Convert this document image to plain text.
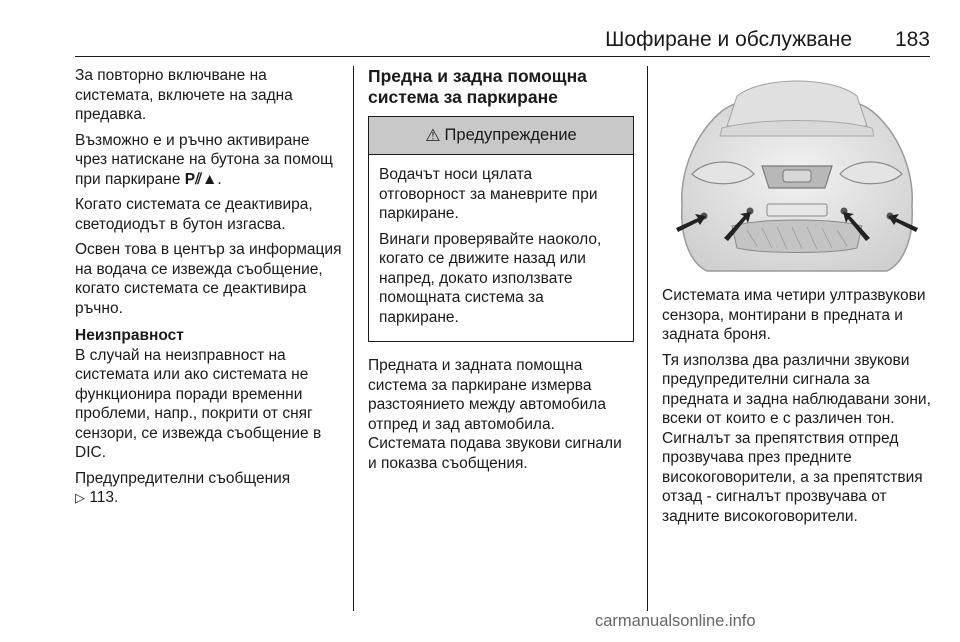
Шофиране и обслужване 183

За повторно включване на системата, включете на задна предавка.

Възможно е и ръчно активиране чрез натискане на бутона за помощ при паркиране P⫽▲.

Когато системата се деактивира, светодиодът в бутон изгасва.

Освен това в център за информация на водача се извежда съобщение, когато системата се деактивира ръчно.

Неизправност

В случай на неизправност на системата или ако системата не функционира поради временни проблеми, напр., покрити от сняг сензори, се извежда съобщение в DIC.

Предупредителни съобщения
▷ 113.

Предна и задна помощна система за паркиране

⚠ Предупреждение

Водачът носи цялата отговорност за маневрите при паркиране.

Винаги проверявайте наоколо, когато се движите назад или напред, докато използвате помощната система за паркиране.

Предната и задната помощна система за паркиране измерва разстоянието между автомобила отпред и зад автомобила. Системата подава звукови сигнали и показва съобщения.

Системата има четири ултразвукови сензора, монтирани в предната и задната броня.

Тя използва два различни звукови предупредителни сигнала за предната и задна наблюдавани зони, всеки от които е с различен тон. Сигналът за препятствия отпред прозвучава през предните високоговорители, а за препятствия отзад - сигналът прозвучава от задните високоговорители.

carmanualsonline.info
